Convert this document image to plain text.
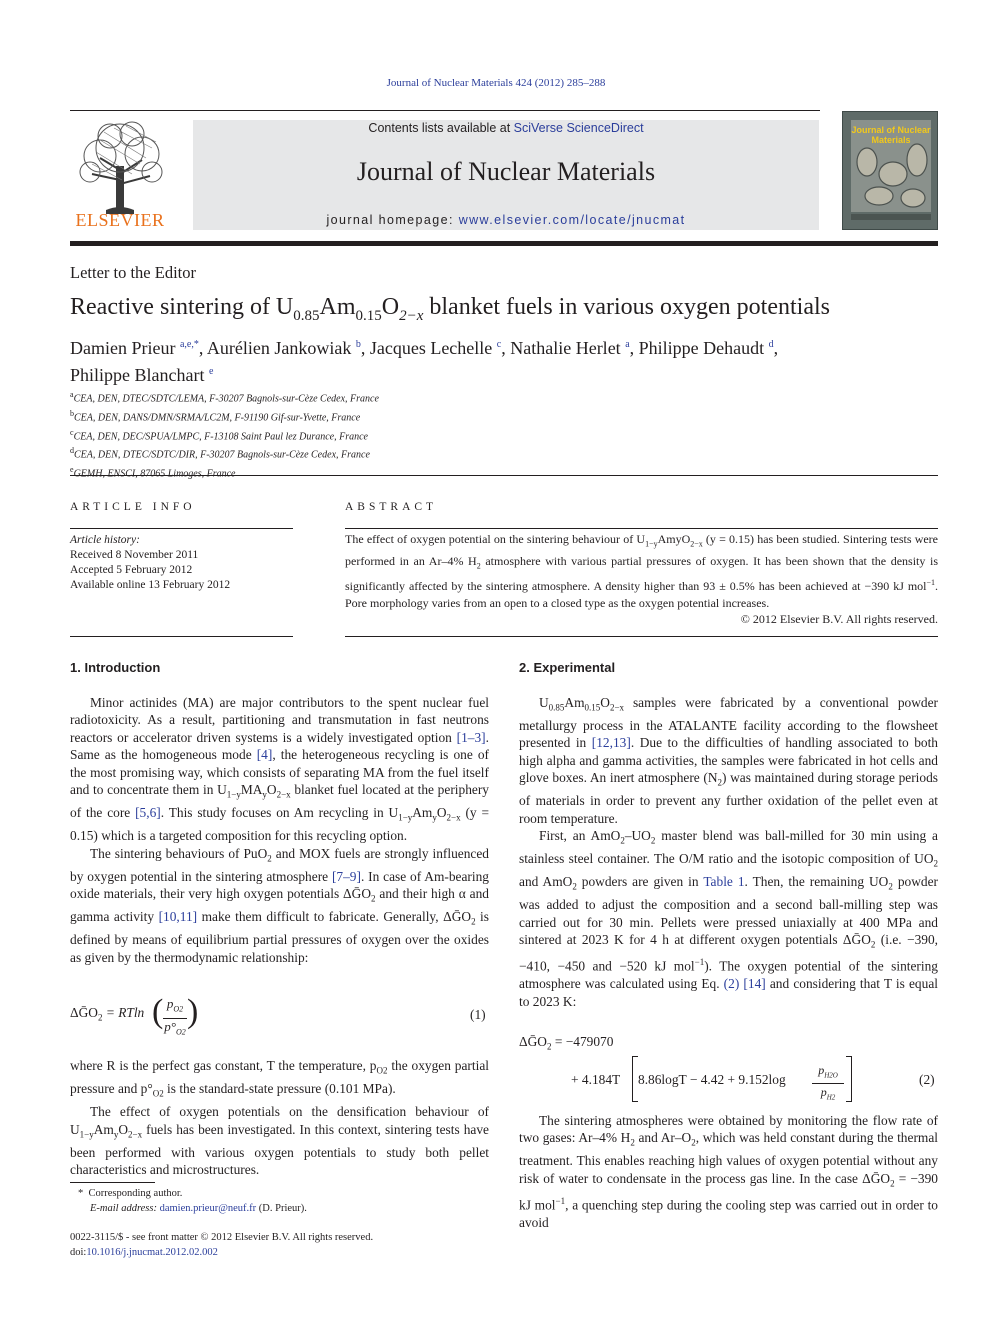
Journal of Nuclear Materials 424 (2012) 285–288
ELSEVIER
Contents lists available at SciVerse ScienceDirect
Journal of Nuclear Materials
journal homepage: www.elsevier.com/locate/jnucmat
Journal of Nuclear Materials
Letter to the Editor
Reactive sintering of $U_{0.85}Am_{0.15}O_{2-x}$ blanket fuels in various oxygen potentials
Damien Prieur $^{a,e,*}$, Aurélien Jankowiak $^b$, Jacques Lechelle $^c$, Nathalie Herlet $^a$, Philippe Dehaudt $^d$,
Philippe Blanchart $^e$
$^a$CEA, DEN, DTEC/SDTC/LEMA, F-30207 Bagnols-sur-Cèze Cedex, France
$^b$CEA, DEN, DANS/DMN/SRMA/LC2M, F-91190 Gif-sur-Yvette, France
$^c$CEA, DEN, DEC/SPUA/LMPC, F-13108 Saint Paul lez Durance, France
$^d$CEA, DEN, DTEC/SDTC/DIR, F-30207 Bagnols-sur-Cèze Cedex, France
$^e$
ARTICLE INFO	ABSTRACT
Article history:
Received 8 November 2011
Accepted 5 February 2012
Available online 13 February 2012
The effect of oxygen potential on the sintering behaviour of $U_{1-y}AmyO_{2-x}$ (y = 0.15) has been studied. Sintering tests were performed in an Ar–4% $H_2$ atmosphere with various partial pressures of oxygen. It has been shown that the density is significantly affected by the sintering atmosphere. A density higher than 93 ± 0.5% has been achieved at −390 kJ mol$^{-1}$. Pore morphology varies from an open to a closed type as the oxygen potential increases.
© 2012 Elsevier B.V. All rights reserved.
1. Introduction

Minor actinides (MA) are major contributors to the spent nuclear fuel radiotoxicity. As a result, partitioning and transmutation in fast neutrons reactors or accelerator driven systems is a widely investigated option [1–3]. Same as the homogeneous mode [4], the heterogeneous recycling is one of the most promising way, which consists of separating MA from the fuel itself and to concentrate them in $U_{1-y}MA_yO_{2-x}$ blanket fuel located at the periphery of the core [5,6]. This study focuses on Am recycling in $U_{1-y}Am_yO_{2-x}$ (y = 0.15) which is a targeted composition for this recycling option.

The sintering behaviours of PuO$_2$ and MOX fuels are strongly influenced by oxygen potential in the sintering atmosphere [7–9]. In case of Am-bearing oxide materials, their very high oxygen potentials ΔḠO$_2$ and their high α and gamma activity [10,11] make them difficult to fabricate. Generally, ΔḠO$_2$ is defined by means of equilibrium partial pressures of oxygen over the oxides as given by the thermodynamic relationship:

ΔḠO$_2$ = RTln ( $p_{O2}$
$p^\circ_{O2}$
)	(1)
where R is the perfect gas constant, T the temperature, $p_{O2}$ the oxygen partial pressure and $p^\circ_{O2}$ is the standard-state pressure (0.101 MPa).

The effect of oxygen potentials on the densification behaviour of $U_{1-y}Am_yO_{2-x}$ fuels has been investigated. In this context, sintering tests have been performed with various oxygen potentials to study both pellet characteristics and microstructures.

*  Corresponding author.
E-mail address: damien.prieur@neuf.fr (D. Prieur).
0022-3115/$ - see front matter © 2012 Elsevier B.V. All rights reserved.
doi:10.1016/j.jnucmat.2012.02.002
2. Experimental

$U_{0.85}Am_{0.15}O_{2-x}$ samples were fabricated by a conventional powder metallurgy process in the ATALANTE facility according to the flowsheet presented in [12,13]. Due to the difficulties of handling associated to both high alpha and gamma activities, the samples were fabricated in hot cells and glove boxes. An inert atmosphere $(N_2)$ was maintained during storage periods of materials in order to prevent any further oxidation of the pellet even at room temperature.

First, an $AmO_2-UO_2$ master blend was ball-milled for 30 min using a stainless steel container. The O/M ratio and the isotopic composition of $UO_2$ and AmO$_2$ powders are given in Table 1. Then, the remaining $UO_2$ powder was added to adjust the composition and a second ball-milling step was carried out for 30 min. Pellets were pressed uniaxially at 400 MPa and sintered at 2023 K for 4 h at different oxygen potentials ΔḠO$_2$ (i.e. −390, −410, −450 and −520 kJ mol$^{-1}$). The oxygen potential of the sintering atmosphere was calculated using Eq. (2) [14] and considering that T is equal to 2023 K:

ΔḠO$_2$ = −479070
+ 4.184T 8.86logT − 4.42 + 9.152log
$p_{H2O}$
$p_{H2}$
(2)

The sintering atmospheres were obtained by monitoring the flow rate of two gases: Ar–4% $H_2$ and $Ar-O_2$, which was held constant during the thermal treatment. This enables reaching high values of oxygen potential without any risk of water to condensate in the process gas line. In the case ΔḠO$_2$ = −390 kJ mol$^{-1}$, a quenching step during the cooling step was carried out in order to avoid
